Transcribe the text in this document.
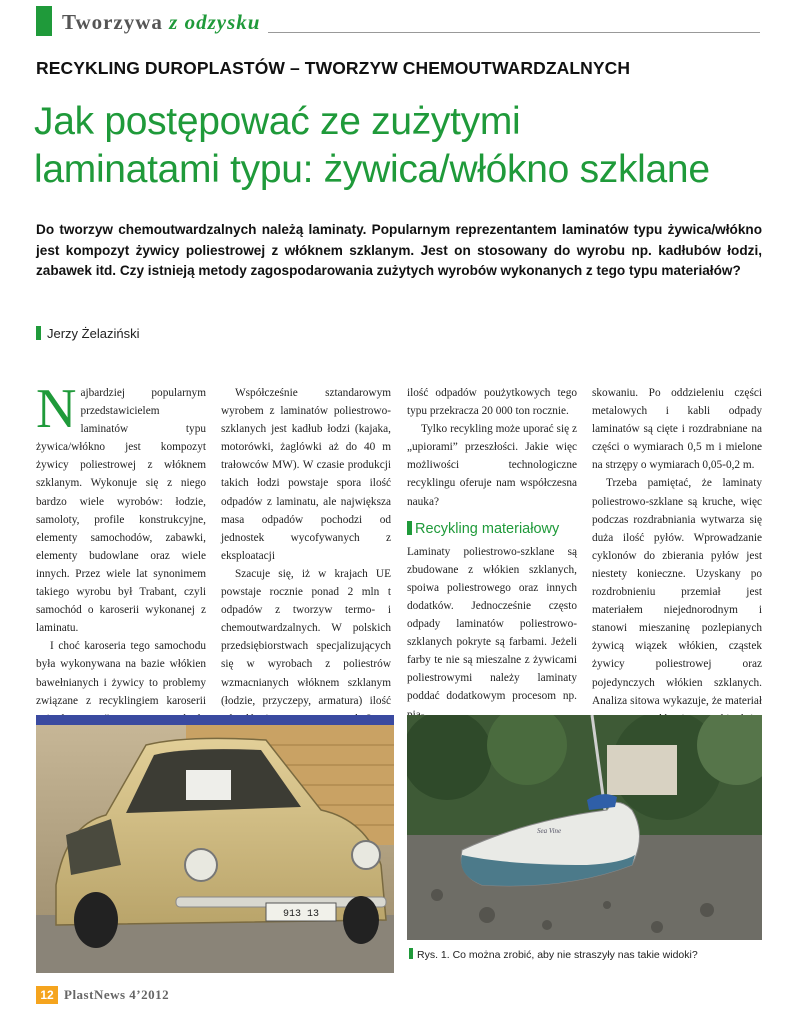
Tworzywa z odzysku
RECYKLING DUROPLASTÓW – TWORZYW CHEMOUTWARDZALNYCH
Jak postępować ze zużytymi
laminatami typu: żywica/włókno szklane
Do tworzyw chemoutwardzalnych należą laminaty. Popularnym reprezentantem laminatów typu żywica/włókno jest kompozyt żywicy poliestrowej z włóknem szklanym. Jest on stosowany do wyrobu np. kadłubów łodzi, zabawek itd. Czy istnieją metody zagospodarowania zużytych wyrobów wykonanych z tego typu materiałów?
Jerzy Żelaziński

Najbardziej popularnym przedstawicielem laminatów typu żywica/włókno jest kompozyt żywicy poliestrowej z włóknem szklanym. Wykonuje się z niego bardzo wiele wyrobów: łodzie, samoloty, profile konstrukcyjne, elementy samochodów, zabawki, elementy budowlane oraz wiele innych. Przez wiele lat synonimem takiego wyrobu był Trabant, czyli samochód o karoserii wykonanej z laminatu.

I choć karoseria tego samochodu była wykonywana na bazie włókien bawełnianych i żywicy to problemy związane z recyklingiem karoserii

Współcześnie sztandarowym wyrobem z laminatów poliestrowo-szklanych jest kadłub łodzi (kajaka, motorówki, żaglówki aż do 40 m trałowców MW). W czasie produkcji takich łodzi powstaje spora ilość odpadów z laminatu, ale największa masa odpadów pochodzi od jednostek wycofywanych z eksploatacji

Szacuje się, iż w krajach UE powstaje rocznie ponad 2 mln t odpadów z tworzyw termo- i chemoutwardzalnych. W polskich przedsiębiorstwach specjalizujących się w wyrobach z poliestrów wzmacnianych włóknem szklanym (łodzie, przyczepy, armatura) ilość

ilość odpadów poużytkowych tego typu przekracza 20 000 ton rocznie.

Tylko recykling może uporać się z „upiorami” przeszłości. Jakie więc możliwości technologiczne recyklingu oferuje nam współczesna nauka?

Recykling materiałowy

Laminaty poliestrowo-szklane są zbudowane z włókien szklanych, spoiwa poliestrowego oraz innych dodatków. Jednocześnie często odpady laminatów poliestrowo-szklanych pokryte są farbami. Jeżeli farby te nie są mieszalne z żywicami poliestrowymi należy laminaty poddać dodatkowym procesom np.

skowaniu. Po oddzieleniu części metalowych i kabli odpady laminatów są cięte i rozdrabniane na części o wymiarach 0,5 m i mielone na strzępy o wymiarach 0,05-0,2 m.

Trzeba pamiętać, że laminaty poliestrowo-szklane są kruche, więc podczas rozdrabniania wytwarza się duża ilość pyłów. Wprowadzanie cyklonów do zbierania pyłów jest niestety konieczne. Uzyskany po rozdrobnieniu przemiał jest materiałem niejednorodnym i stanowi mieszaninę pozlepianych żywicą wiązek włókien, cząstek żywicy poliestrowej oraz pojedynczych włókien szklanych. Analiza sitowa wykazuje, że materiał

913 13
Sea Vine
Rys. 1. Co można zrobić, aby nie straszyły nas takie widoki?
12 PlastNews 4’2012
